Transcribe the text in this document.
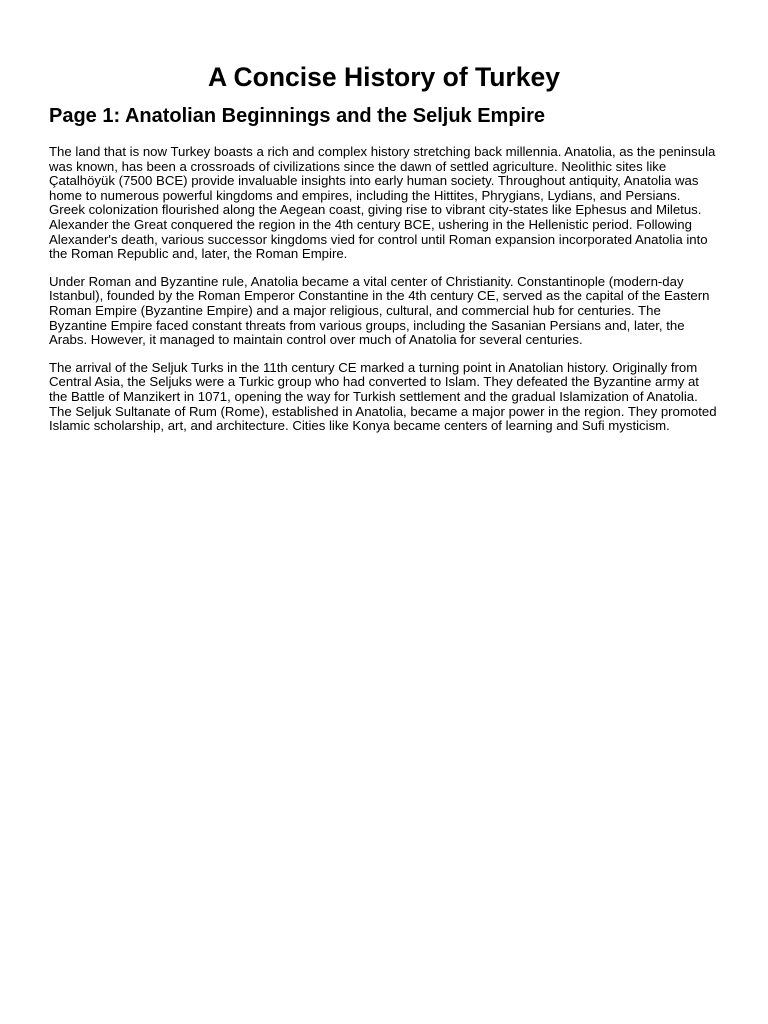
A Concise History of Turkey
Page 1: Anatolian Beginnings and the Seljuk Empire

The land that is now Turkey boasts a rich and complex history stretching back millennia. Anatolia, as the peninsula was known, has been a crossroads of civilizations since the dawn of settled agriculture. Neolithic sites like Çatalhöyük (7500 BCE) provide invaluable insights into early human society. Throughout antiquity, Anatolia was home to numerous powerful kingdoms and empires, including the Hittites, Phrygians, Lydians, and Persians. Greek colonization flourished along the Aegean coast, giving rise to vibrant city-states like Ephesus and Miletus. Alexander the Great conquered the region in the 4th century BCE, ushering in the Hellenistic period. Following Alexander's death, various successor kingdoms vied for control until Roman expansion incorporated Anatolia into the Roman Republic and, later, the Roman Empire.

Under Roman and Byzantine rule, Anatolia became a vital center of Christianity. Constantinople (modern-day Istanbul), founded by the Roman Emperor Constantine in the 4th century CE, served as the capital of the Eastern Roman Empire (Byzantine Empire) and a major religious, cultural, and commercial hub for centuries. The Byzantine Empire faced constant threats from various groups, including the Sasanian Persians and, later, the Arabs. However, it managed to maintain control over much of Anatolia for several centuries.

The arrival of the Seljuk Turks in the 11th century CE marked a turning point in Anatolian history. Originally from Central Asia, the Seljuks were a Turkic group who had converted to Islam. They defeated the Byzantine army at the Battle of Manzikert in 1071, opening the way for Turkish settlement and the gradual Islamization of Anatolia. The Seljuk Sultanate of Rum (Rome), established in Anatolia, became a major power in the region. They promoted Islamic scholarship, art, and architecture. Cities like Konya became centers of learning and Sufi mysticism.
